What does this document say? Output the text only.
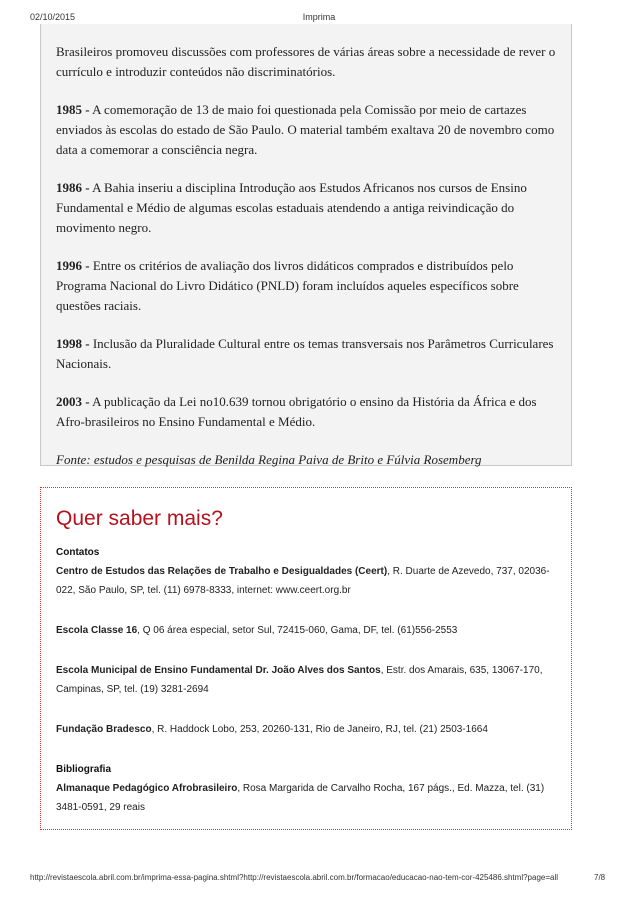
02/10/2015	Imprima

Brasileiros promoveu discussões com professores de várias áreas sobre a necessidade de rever o currículo e introduzir conteúdos não discriminatórios.

1985 - A comemoração de 13 de maio foi questionada pela Comissão por meio de cartazes enviados às escolas do estado de São Paulo. O material também exaltava 20 de novembro como data a comemorar a consciência negra.

1986 - A Bahia inseriu a disciplina Introdução aos Estudos Africanos nos cursos de Ensino Fundamental e Médio de algumas escolas estaduais atendendo a antiga reivindicação do movimento negro.

1996 - Entre os critérios de avaliação dos livros didáticos comprados e distribuídos pelo Programa Nacional do Livro Didático (PNLD) foram incluídos aqueles específicos sobre questões raciais.

1998 - Inclusão da Pluralidade Cultural entre os temas transversais nos Parâmetros Curriculares Nacionais.

2003 - A publicação da Lei no10.639 tornou obrigatório o ensino da História da África e dos Afro-brasileiros no Ensino Fundamental e Médio.

Fonte: estudos e pesquisas de Benilda Regina Paiva de Brito e Fúlvia Rosemberg

Quer saber mais?

Contatos

Centro de Estudos das Relações de Trabalho e Desigualdades (Ceert), R. Duarte de Azevedo, 737, 02036-022, São Paulo, SP, tel. (11) 6978-8333, internet: www.ceert.org.br

Escola Classe 16, Q 06 área especial, setor Sul, 72415-060, Gama, DF, tel. (61)556-2553

Escola Municipal de Ensino Fundamental Dr. João Alves dos Santos, Estr. dos Amarais, 635, 13067-170, Campinas, SP, tel. (19) 3281-2694

Fundação Bradesco, R. Haddock Lobo, 253, 20260-131, Rio de Janeiro, RJ, tel. (21) 2503-1664

Bibliografia

Almanaque Pedagógico Afrobrasileiro, Rosa Margarida de Carvalho Rocha, 167 págs., Ed. Mazza, tel. (31) 3481-0591, 29 reais

http://revistaescola.abril.com.br/imprima-essa-pagina.shtml?http://revistaescola.abril.com.br/formacao/educacao-nao-tem-cor-425486.shtml?page=all	7/8
